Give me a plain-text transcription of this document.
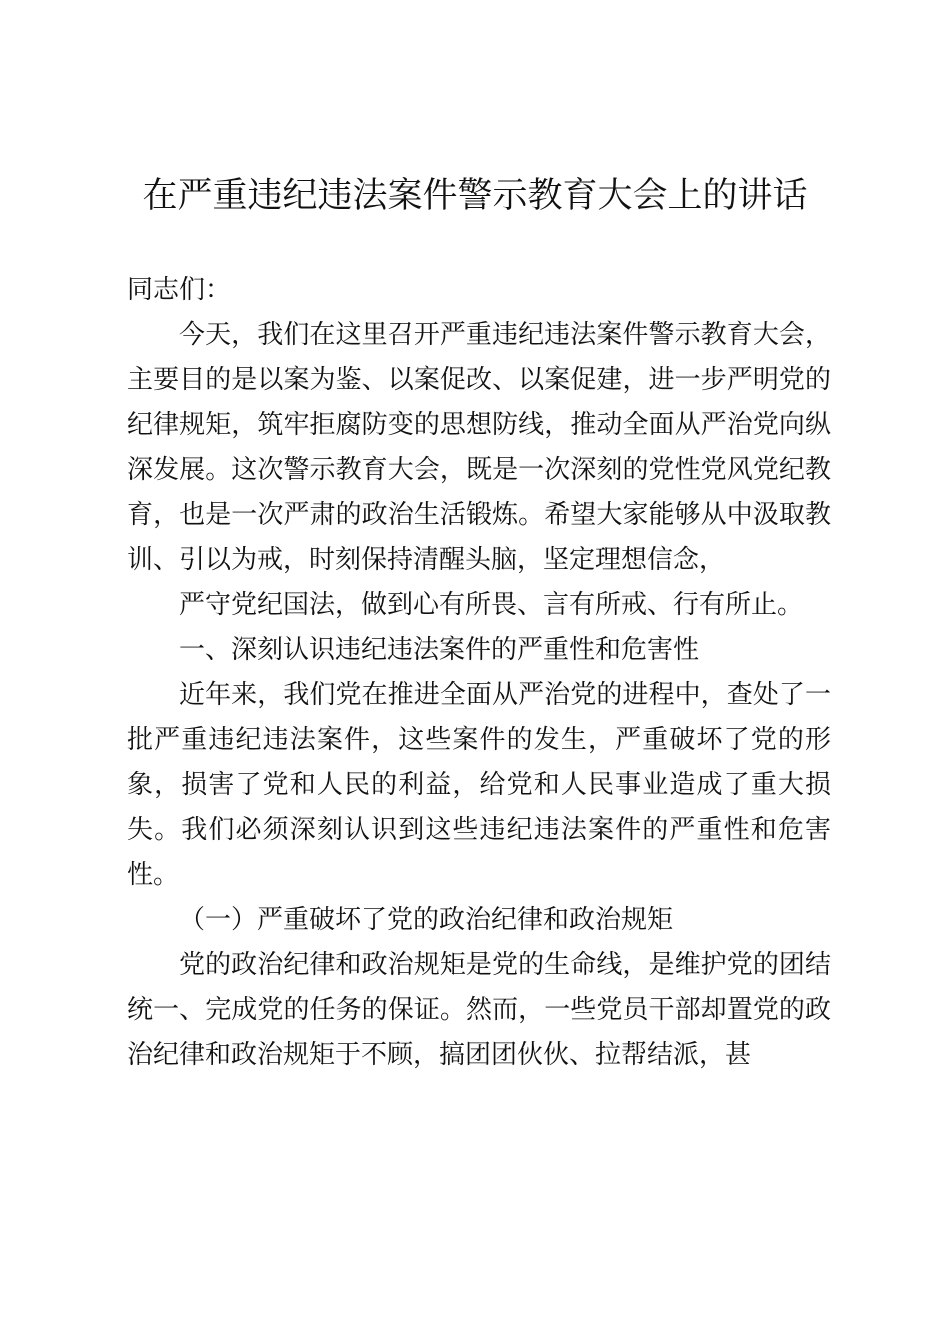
在严重违纪违法案件警示教育大会上的讲话

同志们：

今天，我们在这里召开严重违纪违法案件警示教育大会，主要目的是以案为鉴、以案促改、以案促建，进一步严明党的纪律规矩，筑牢拒腐防变的思想防线，推动全面从严治党向纵深发展。这次警示教育大会，既是一次深刻的党性党风党纪教育，也是一次严肃的政治生活锻炼。希望大家能够从中汲取教训、引以为戒，时刻保持清醒头脑，坚定理想信念，

严守党纪国法，做到心有所畏、言有所戒、行有所止。

一、深刻认识违纪违法案件的严重性和危害性

近年来，我们党在推进全面从严治党的进程中，查处了一批严重违纪违法案件，这些案件的发生，严重破坏了党的形象，损害了党和人民的利益，给党和人民事业造成了重大损失。我们必须深刻认识到这些违纪违法案件的严重性和危害性。

（一）严重破坏了党的政治纪律和政治规矩

党的政治纪律和政治规矩是党的生命线，是维护党的团结统一、完成党的任务的保证。然而，一些党员干部却置党的政治纪律和政治规矩于不顾，搞团团伙伙、拉帮结派，甚
